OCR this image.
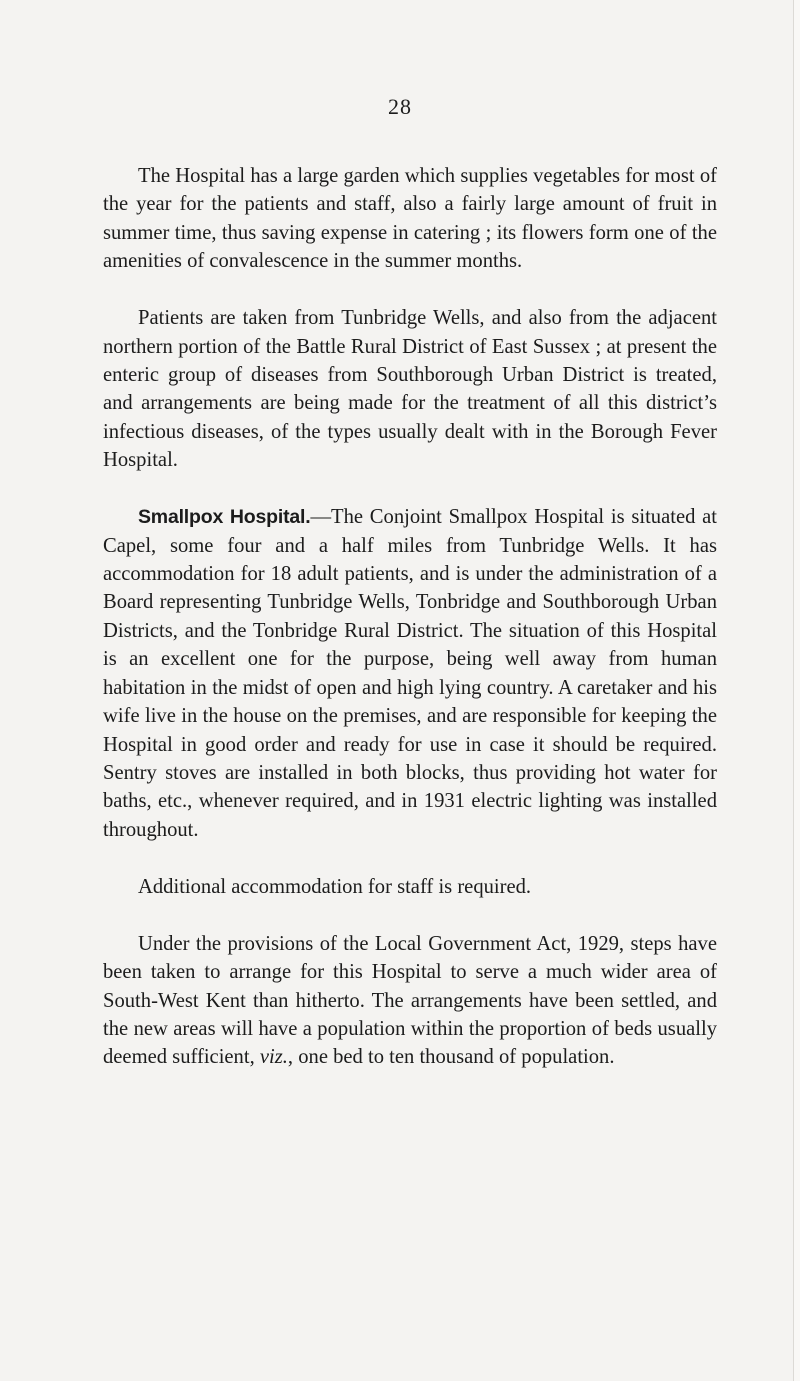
28

The Hospital has a large garden which supplies vegetables for most of the year for the patients and staff, also a fairly large amount of fruit in summer time, thus saving expense in catering ; its flowers form one of the amenities of convalescence in the summer months.

Patients are taken from Tunbridge Wells, and also from the adjacent northern portion of the Battle Rural District of East Sussex ; at present the enteric group of diseases from Southborough Urban District is treated, and arrangements are being made for the treatment of all this district’s infectious diseases, of the types usually dealt with in the Borough Fever Hospital.

Smallpox Hospital.—The Conjoint Smallpox Hospital is situated at Capel, some four and a half miles from Tunbridge Wells. It has accommodation for 18 adult patients, and is under the administration of a Board representing Tunbridge Wells, Tonbridge and Southborough Urban Districts, and the Tonbridge Rural District. The situation of this Hospital is an excellent one for the purpose, being well away from human habitation in the midst of open and high lying country. A caretaker and his wife live in the house on the premises, and are responsible for keeping the Hospital in good order and ready for use in case it should be required. Sentry stoves are installed in both blocks, thus providing hot water for baths, etc., whenever required, and in 1931 electric lighting was installed throughout.

Additional accommodation for staff is required.

Under the provisions of the Local Government Act, 1929, steps have been taken to arrange for this Hospital to serve a much wider area of South-West Kent than hitherto. The arrangements have been settled, and the new areas will have a population within the proportion of beds usually deemed sufficient, viz., one bed to ten thousand of population.
